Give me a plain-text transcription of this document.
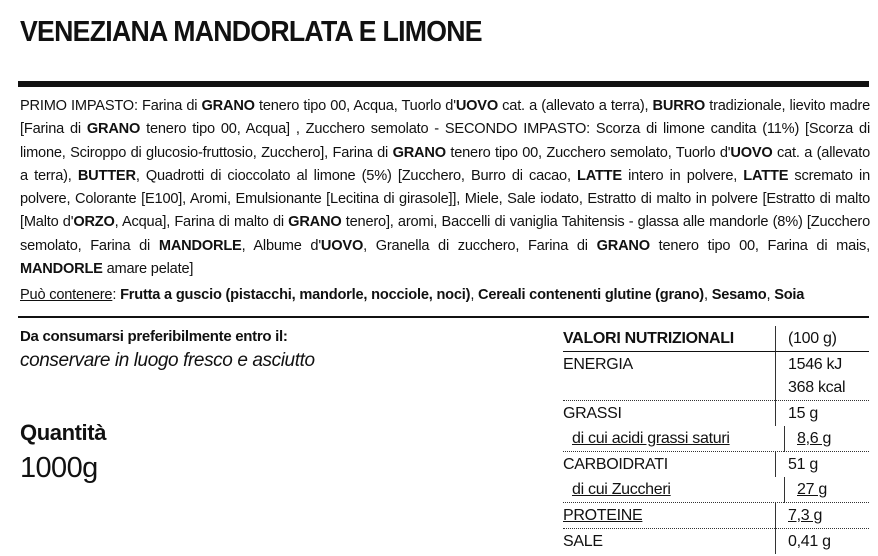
VENEZIANA MANDORLATA E LIMONE
PRIMO IMPASTO: Farina di GRANO tenero tipo 00, Acqua, Tuorlo d'UOVO cat. a (allevato a terra), BURRO tradizionale, lievito madre [Farina di GRANO tenero tipo 00, Acqua] , Zucchero semolato - SECONDO IMPASTO: Scorza di limone candita (11%) [Scorza di limone, Sciroppo di glucosio-fruttosio, Zucchero], Farina di GRANO tenero tipo 00, Zucchero semolato, Tuorlo d'UOVO cat. a (allevato a terra), BUTTER, Quadrotti di cioccolato al limone (5%) [Zucchero, Burro di cacao, LATTE intero in polvere, LATTE scremato in polvere, Colorante [E100], Aromi, Emulsionante [Lecitina di girasole]], Miele, Sale iodato, Estratto di malto in polvere [Estratto di malto [Malto d'ORZO, Acqua], Farina di malto di GRANO tenero], aromi, Baccelli di vaniglia Tahitensis - glassa alle mandorle (8%) [Zucchero semolato, Farina di MANDORLE, Albume d'UOVO, Granella di zucchero, Farina di GRANO tenero tipo 00, Farina di mais, MANDORLE amare pelate]
Può contenere: Frutta a guscio (pistacchi, mandorle, nocciole, noci), Cereali contenenti glutine (grano), Sesamo, Soia
Da consumarsi preferibilmente entro il:
conservare in luogo fresco e asciutto
Quantità
1000g
VALORI NUTRIZIONALI	(100 g)
ENERGIA	1546 kJ
368 kcal
GRASSI	15 g
di cui acidi grassi saturi	8,6 g
CARBOIDRATI	51 g
di cui Zuccheri	27 g
PROTEINE	7,3 g
SALE	0,41 g
